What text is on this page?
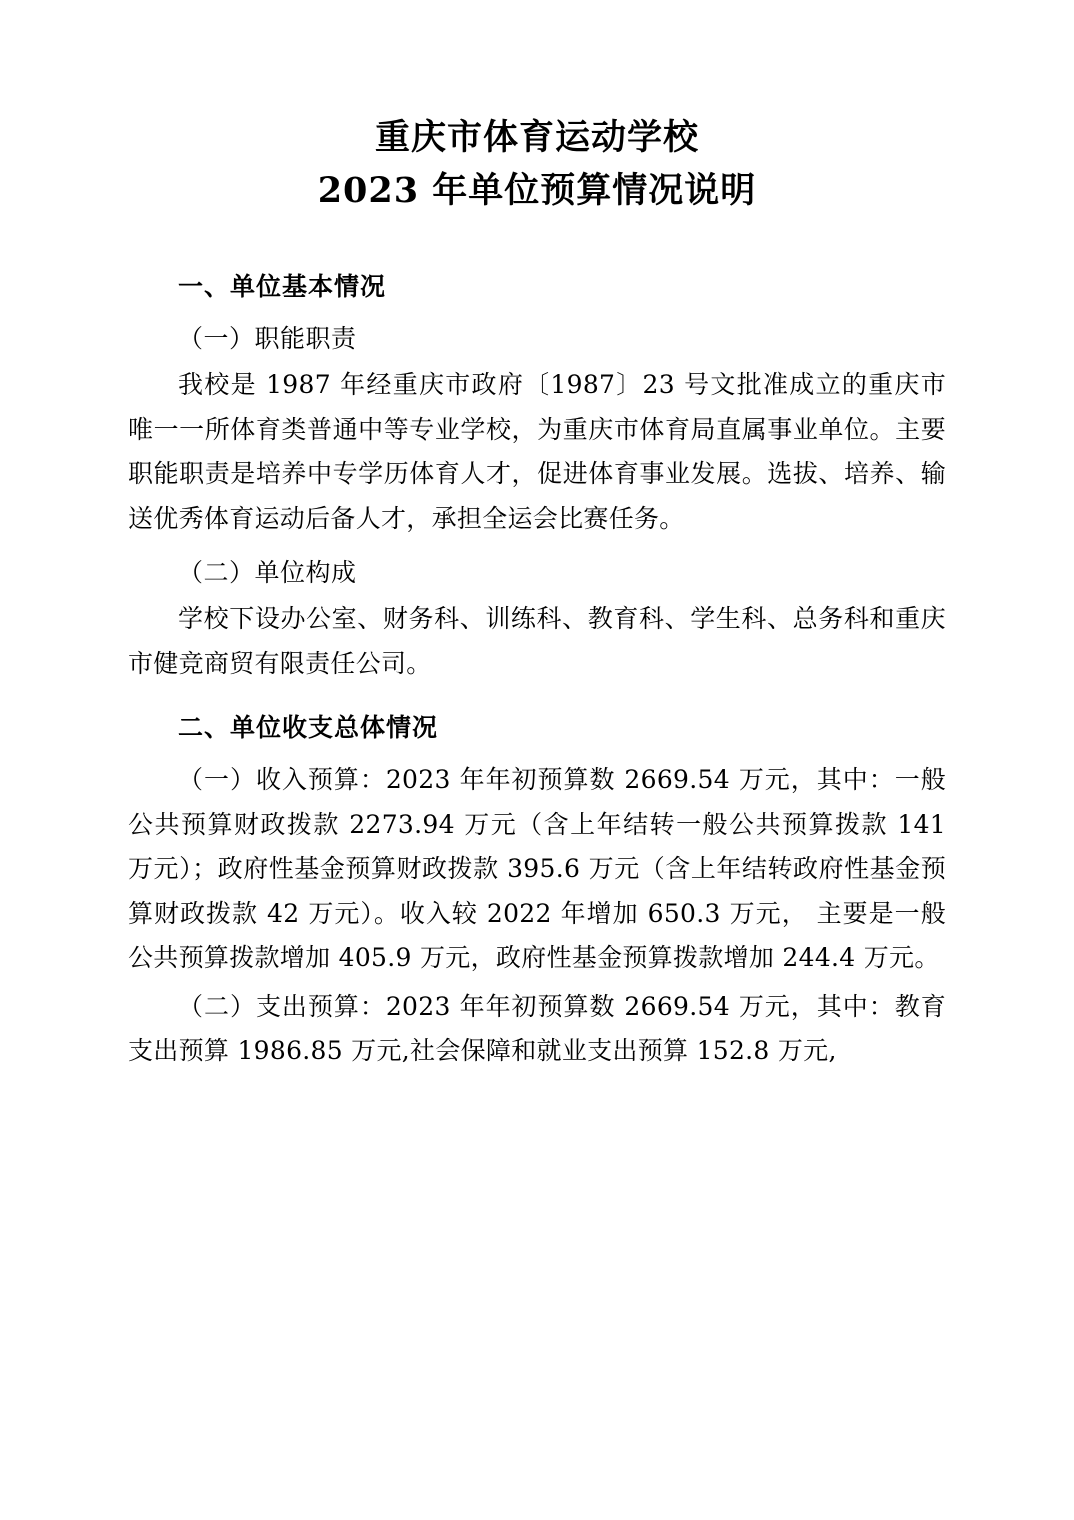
重庆市体育运动学校
2023 年单位预算情况说明
一、单位基本情况
（一）职能职责

我校是 1987 年经重庆市政府〔1987〕23 号文批准成立的重庆市唯一一所体育类普通中等专业学校，为重庆市体育局直属事业单位。主要职能职责是培养中专学历体育人才，促进体育事业发展。选拔、培养、输送优秀体育运动后备人才，承担全运会比赛任务。

（二）单位构成

学校下设办公室、财务科、训练科、教育科、学生科、总务科和重庆市健竞商贸有限责任公司。

二、单位收支总体情况

（一）收入预算：2023 年年初预算数 2669.54 万元，其中：一般公共预算财政拨款 2273.94 万元（含上年结转一般公共预算拨款 141 万元）；政府性基金预算财政拨款 395.6 万元（含上年结转政府性基金预算财政拨款 42 万元）。收入较 2022 年增加 650.3 万元， 主要是一般公共预算拨款增加 405.9 万元，政府性基金预算拨款增加 244.4 万元。

（二）支出预算：2023 年年初预算数 2669.54 万元，其中：教育支出预算 1986.85 万元,社会保障和就业支出预算 152.8 万元,
